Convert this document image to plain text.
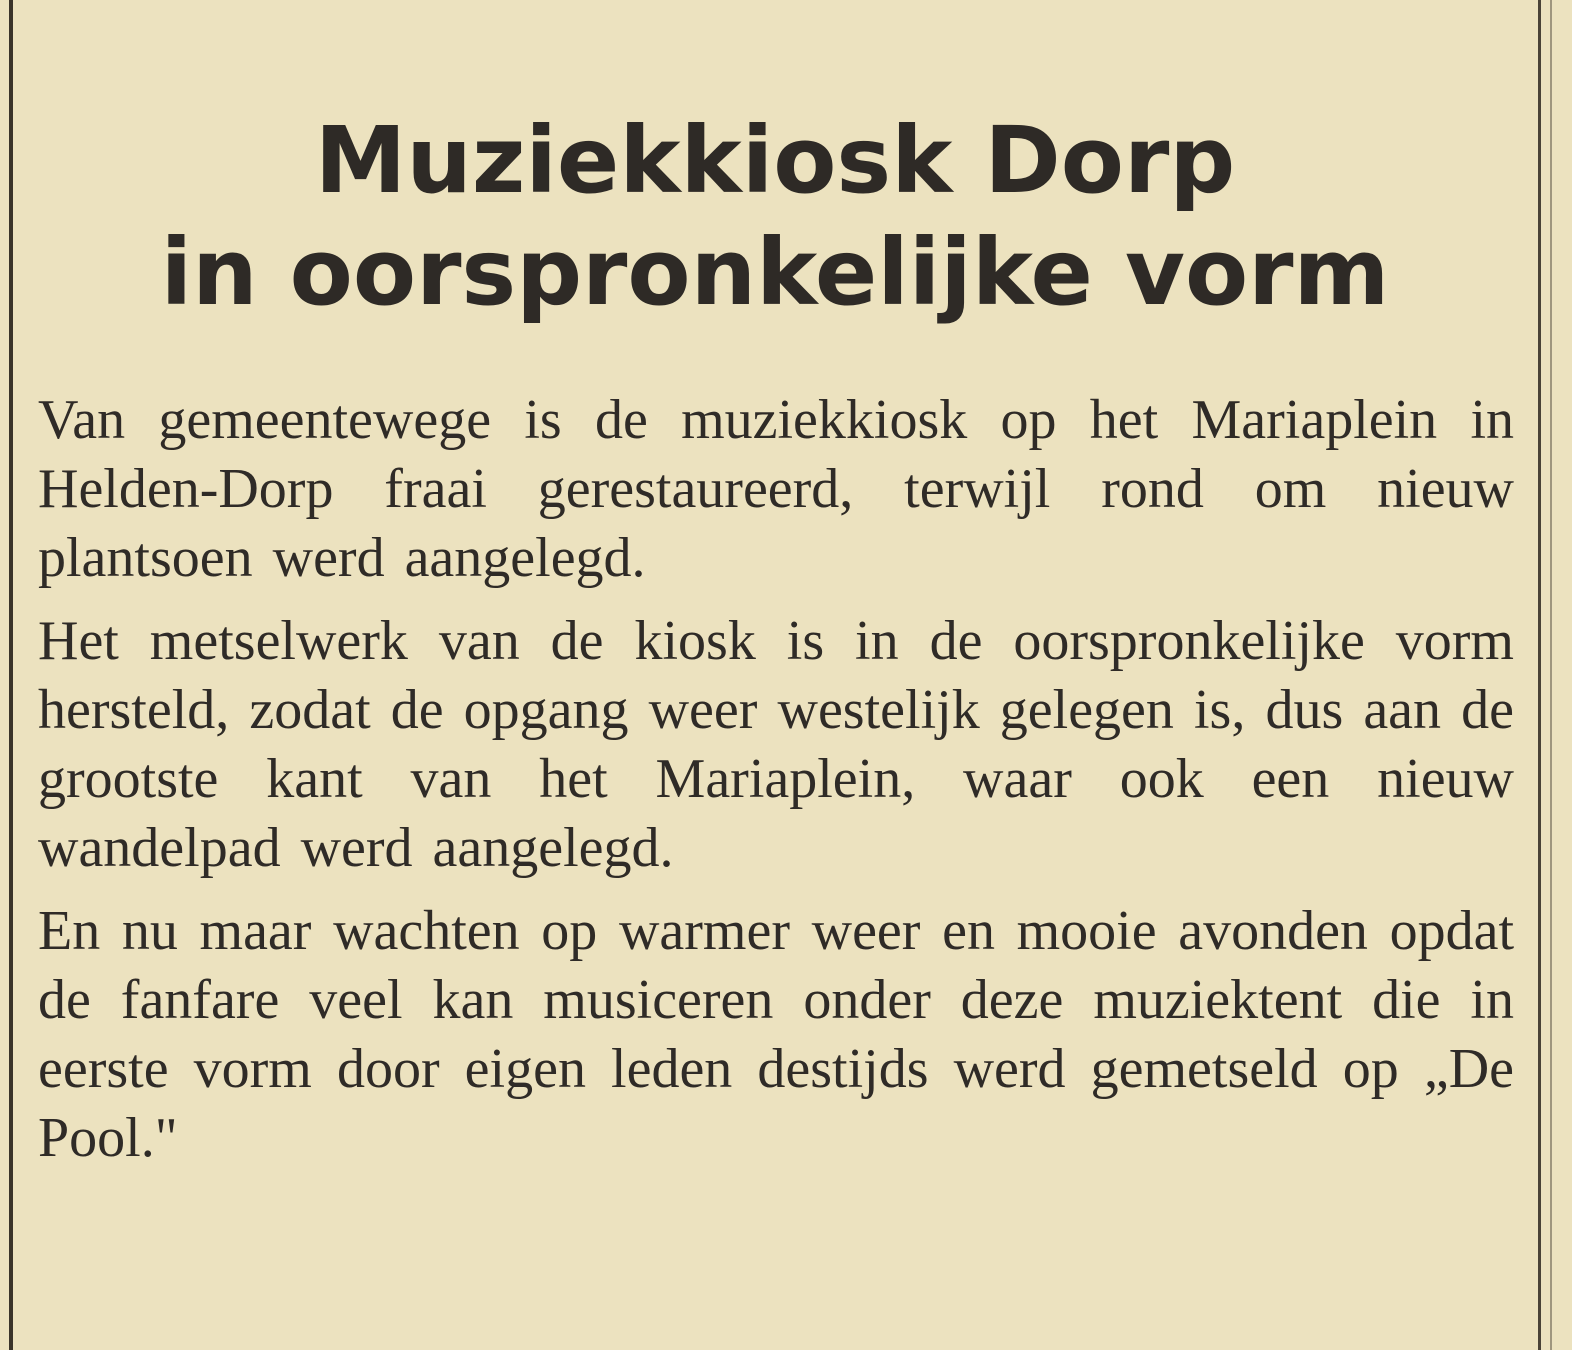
Muziekkiosk Dorp
in oorspronkelijke vorm

Van gemeentewege is de muziekkiosk op het Mariaplein in Helden-Dorp fraai gerestaureerd, terwijl rond om nieuw plantsoen werd aangelegd.

Het metselwerk van de kiosk is in de oorspronkelijke vorm hersteld, zodat de opgang weer westelijk gelegen is, dus aan de grootste kant van het Mariaplein, waar ook een nieuw wandelpad werd aangelegd.

En nu maar wachten op warmer weer en mooie avonden opdat de fanfare veel kan musiceren onder deze muziektent die in eerste vorm door eigen leden destijds werd gemetseld op „De Pool."
